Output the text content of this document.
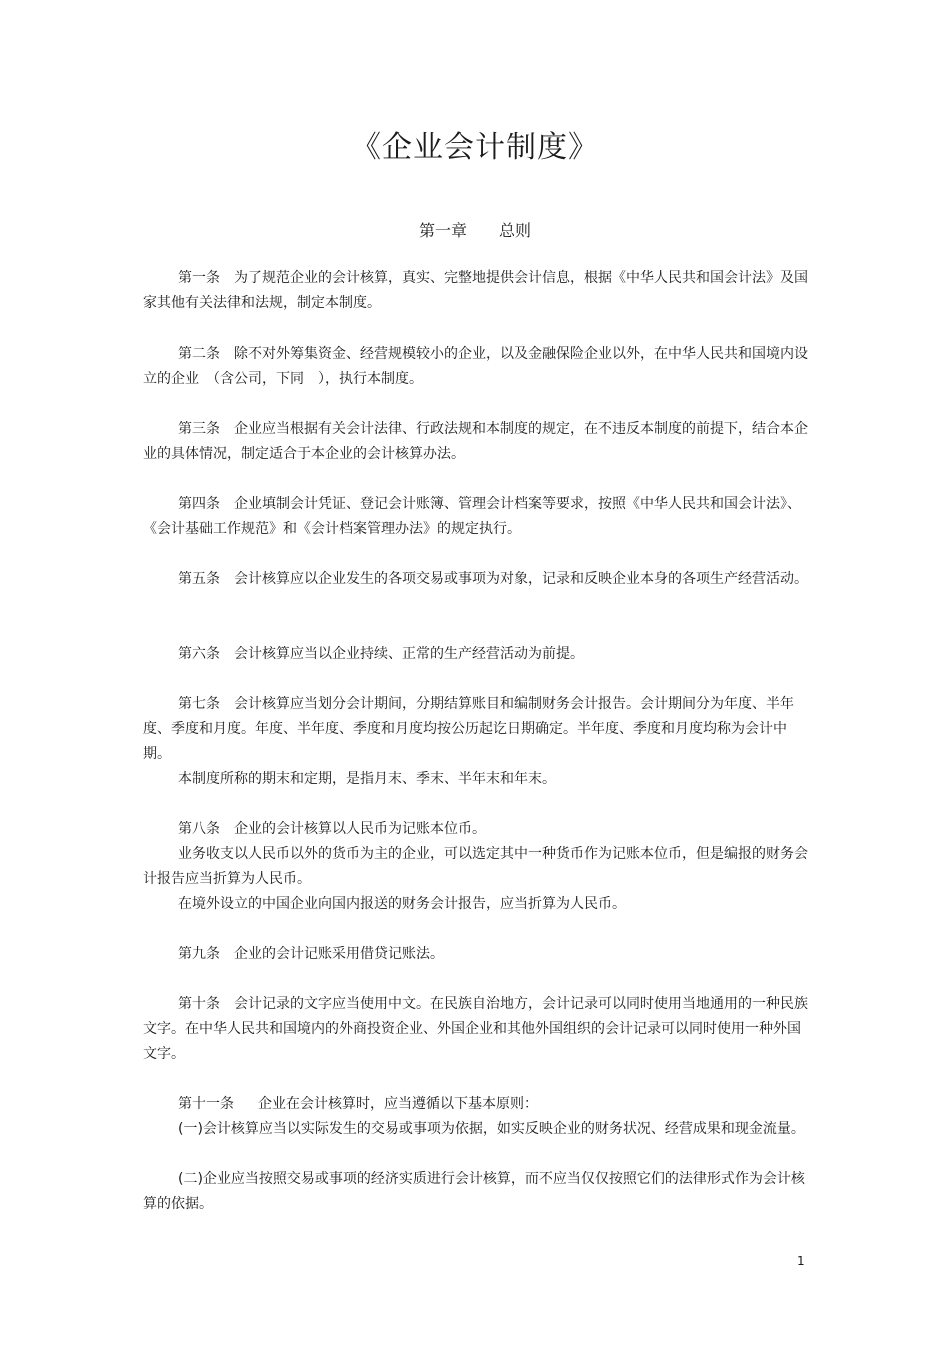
《企业会计制度》
第一章 总则

第一条 为了规范企业的会计核算，真实、完整地提供会计信息，根据《中华人民共和国会计法》及国家其他有关法律和法规，制定本制度。

第二条 除不对外筹集资金、经营规模较小的企业，以及金融保险企业以外，在中华人民共和国境内设立的企业　（含公司，下同　），执行本制度。

第三条 企业应当根据有关会计法律、行政法规和本制度的规定，在不违反本制度的前提下，结合本企业的具体情况，制定适合于本企业的会计核算办法。

第四条 企业填制会计凭证、登记会计账簿、管理会计档案等要求，按照《中华人民共和国会计法》、《会计基础工作规范》和《会计档案管理办法》的规定执行。

第五条 会计核算应以企业发生的各项交易或事项为对象，记录和反映企业本身的各项生产经营活动。

第六条 会计核算应当以企业持续、正常的生产经营活动为前提。

第七条 会计核算应当划分会计期间，分期结算账目和编制财务会计报告。会计期间分为年度、半年度、季度和月度。年度、半年度、季度和月度均按公历起讫日期确定。半年度、季度和月度均称为会计中期。

本制度所称的期末和定期，是指月末、季末、半年末和年末。

第八条 企业的会计核算以人民币为记账本位币。

业务收支以人民币以外的货币为主的企业，可以选定其中一种货币作为记账本位币，但是编报的财务会计报告应当折算为人民币。

在境外设立的中国企业向国内报送的财务会计报告，应当折算为人民币。

第九条 企业的会计记账采用借贷记账法。

第十条 会计记录的文字应当使用中文。在民族自治地方，会计记录可以同时使用当地通用的一种民族文字。在中华人民共和国境内的外商投资企业、外国企业和其他外国组织的会计记录可以同时使用一种外国文字。

第十一条 企业在会计核算时，应当遵循以下基本原则：

(一)会计核算应当以实际发生的交易或事项为依据，如实反映企业的财务状况、经营成果和现金流量。

(二)企业应当按照交易或事项的经济实质进行会计核算，而不应当仅仅按照它们的法律形式作为会计核算的依据。

1
